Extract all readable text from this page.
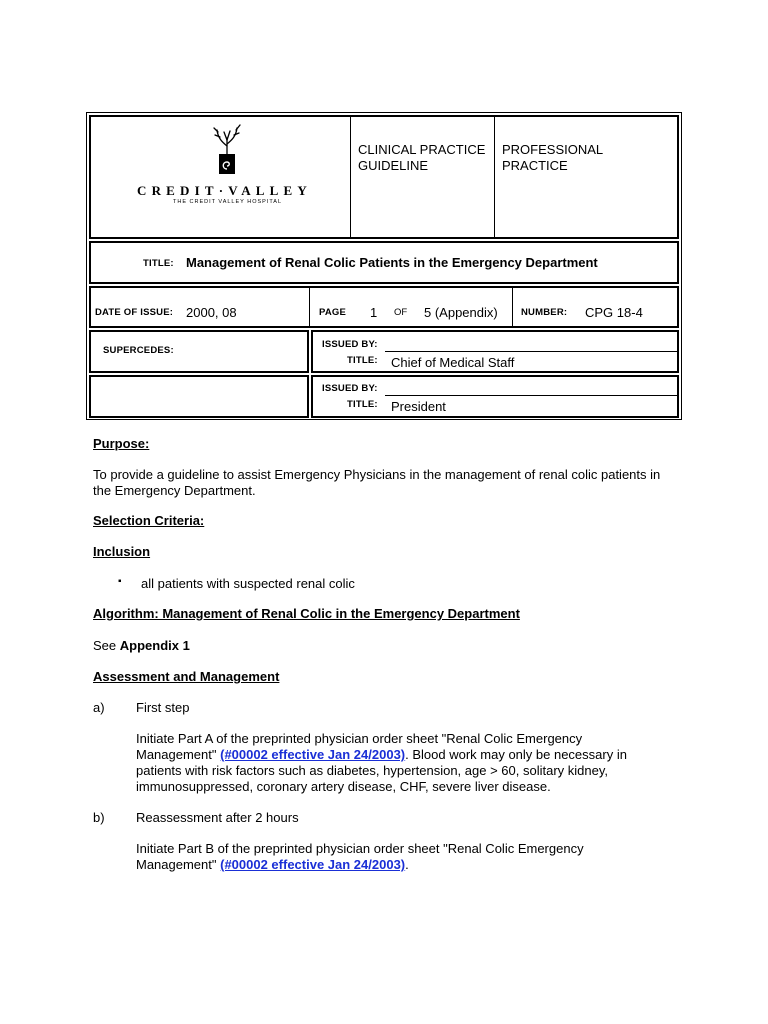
CREDIT·VALLEY
THE CREDIT VALLEY HOSPITAL
CLINICAL PRACTICE
GUIDELINE
PROFESSIONAL
PRACTICE
TITLE: Management of Renal Colic Patients in the Emergency Department
DATE OF ISSUE: 2000, 08	PAGE 1 OF 5 (Appendix) NUMBER: CPG 18-4
SUPERCEDES:
ISSUED BY:
TITLE: Chief of Medical Staff
ISSUED BY:
TITLE: President
Purpose:
To provide a guideline to assist Emergency Physicians in the management of renal colic patients in
the Emergency Department.
Selection Criteria:
Inclusion
▪ all patients with suspected renal colic
Algorithm: Management of Renal Colic in the Emergency Department
See Appendix 1
Assessment and Management
a) First step
Initiate Part A of the preprinted physician order sheet "Renal Colic Emergency
Management" (#00002 effective Jan 24/2003). Blood work may only be necessary in
patients with risk factors such as diabetes, hypertension, age > 60, solitary kidney,
immunosuppressed, coronary artery disease, CHF, severe liver disease.
b) Reassessment after 2 hours
Initiate Part B of the preprinted physician order sheet "Renal Colic Emergency
Management" (#00002 effective Jan 24/2003).
